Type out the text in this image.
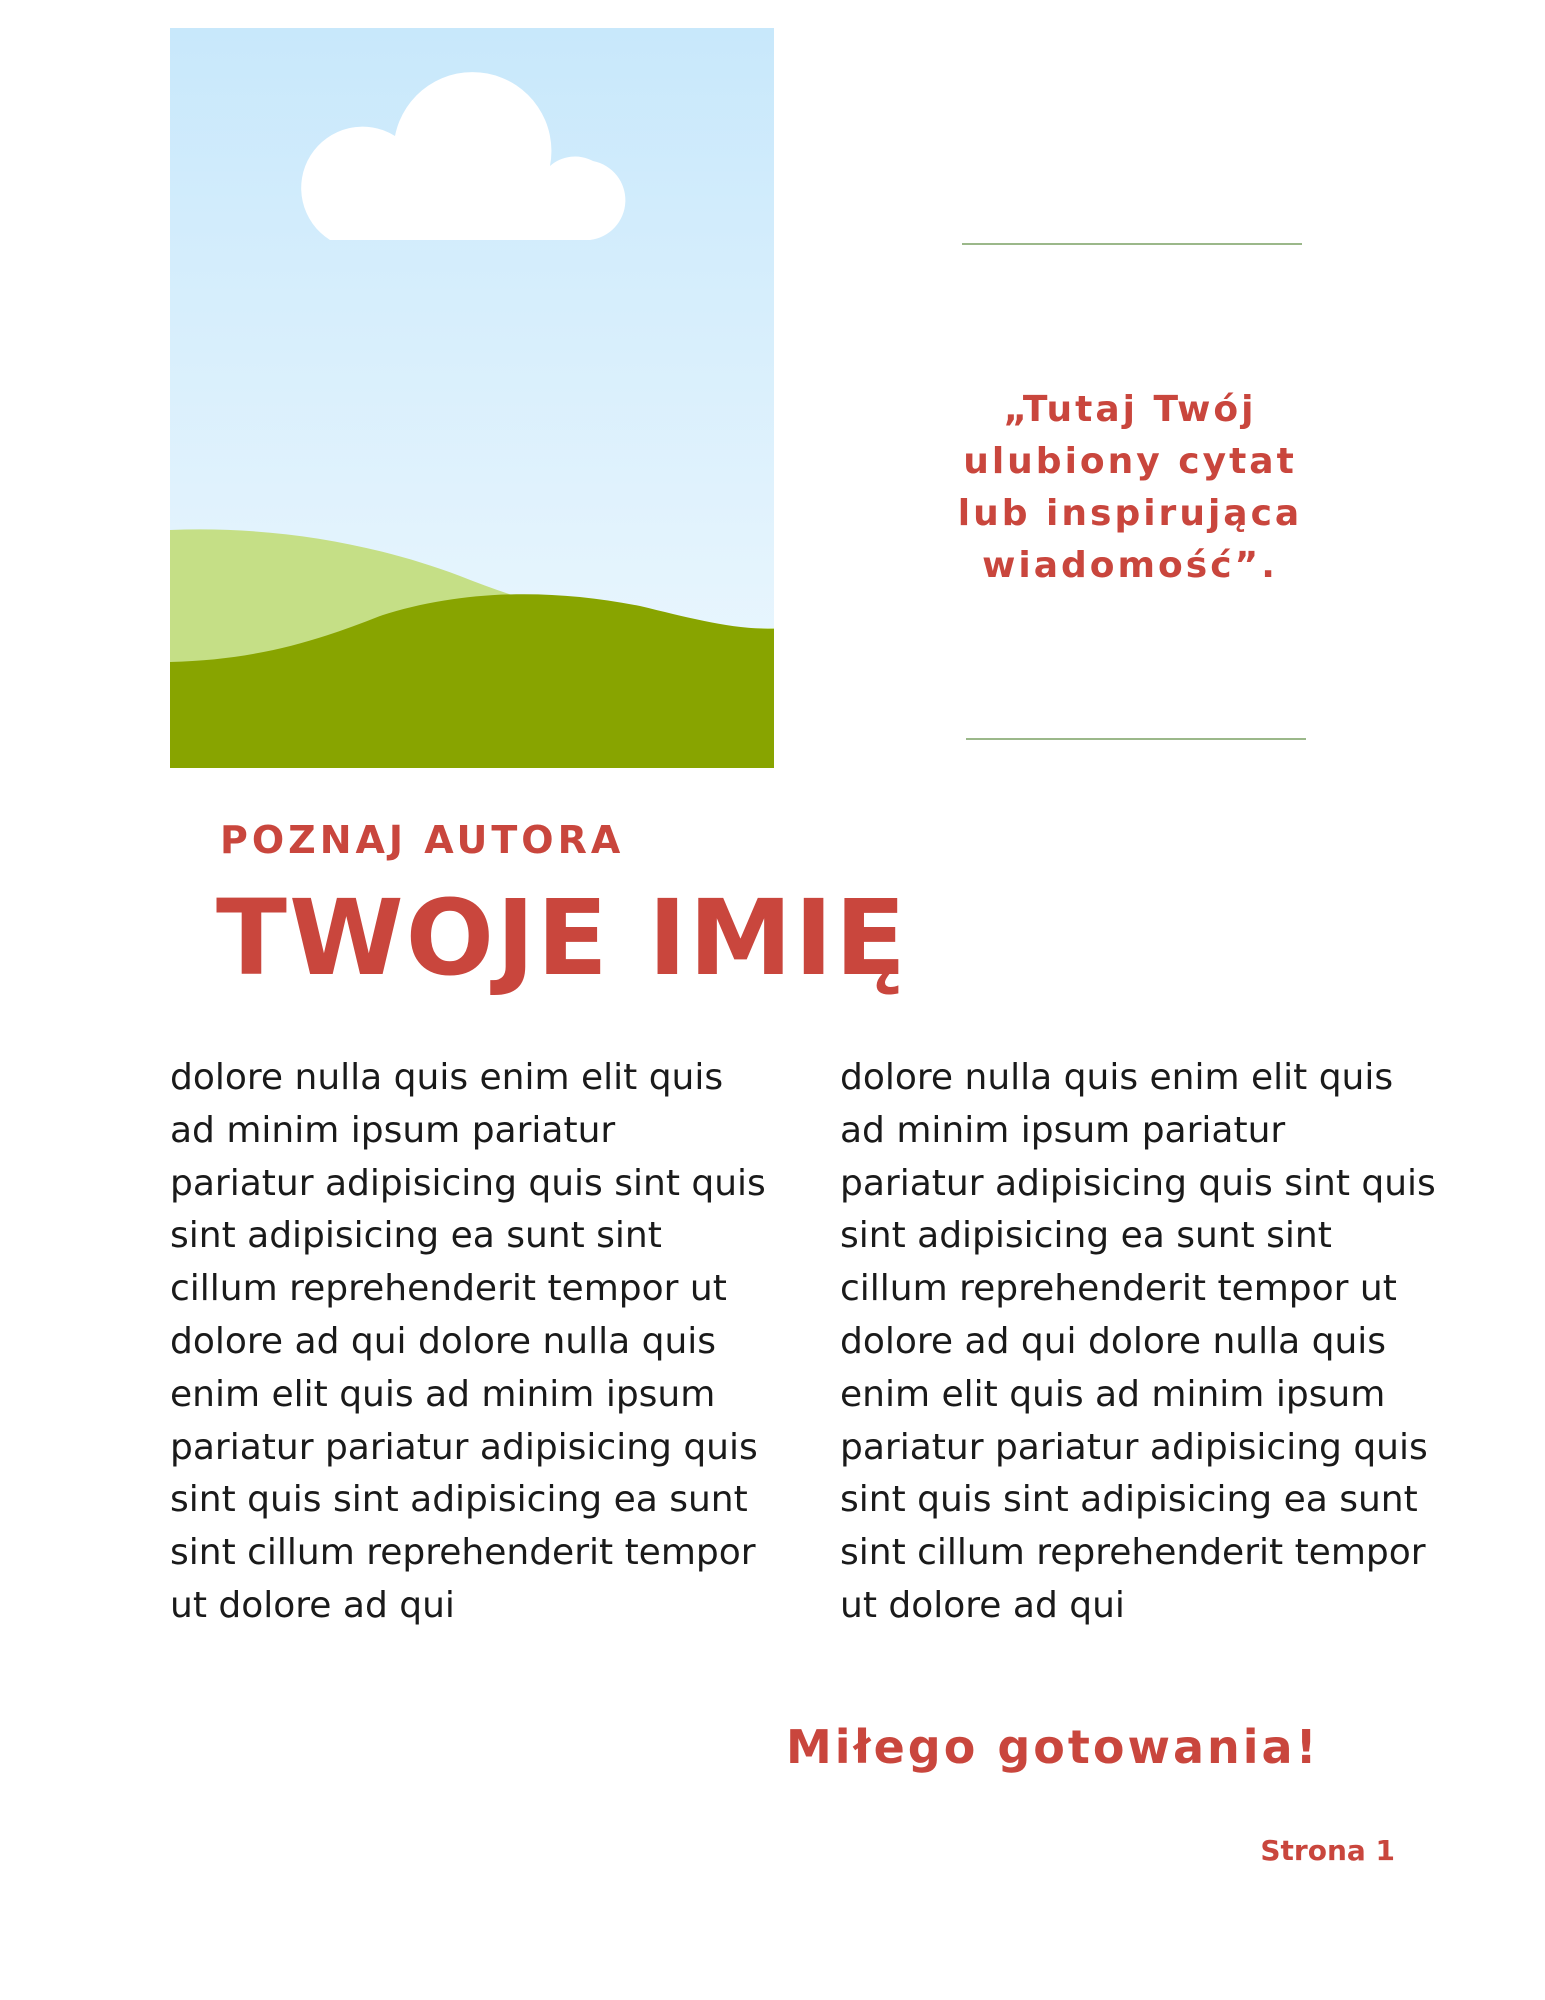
„Tutaj Twój ulubiony cytat lub inspirująca wiadomość”.
POZNAJ AUTORA
TWOJE IMIĘ
dolore nulla quis enim elit quis ad minim ipsum pariatur pariatur adipisicing quis sint quis sint adipisicing ea sunt sint cillum reprehenderit tempor ut dolore ad qui dolore nulla quis enim elit quis ad minim ipsum pariatur pariatur adipisicing quis sint quis sint adipisicing ea sunt sint cillum reprehenderit tempor ut dolore ad qui
dolore nulla quis enim elit quis ad minim ipsum pariatur pariatur adipisicing quis sint quis sint adipisicing ea sunt sint cillum reprehenderit tempor ut dolore ad qui dolore nulla quis enim elit quis ad minim ipsum pariatur pariatur adipisicing quis sint quis sint adipisicing ea sunt sint cillum reprehenderit tempor ut dolore ad qui
Miłego gotowania!
Strona 1
